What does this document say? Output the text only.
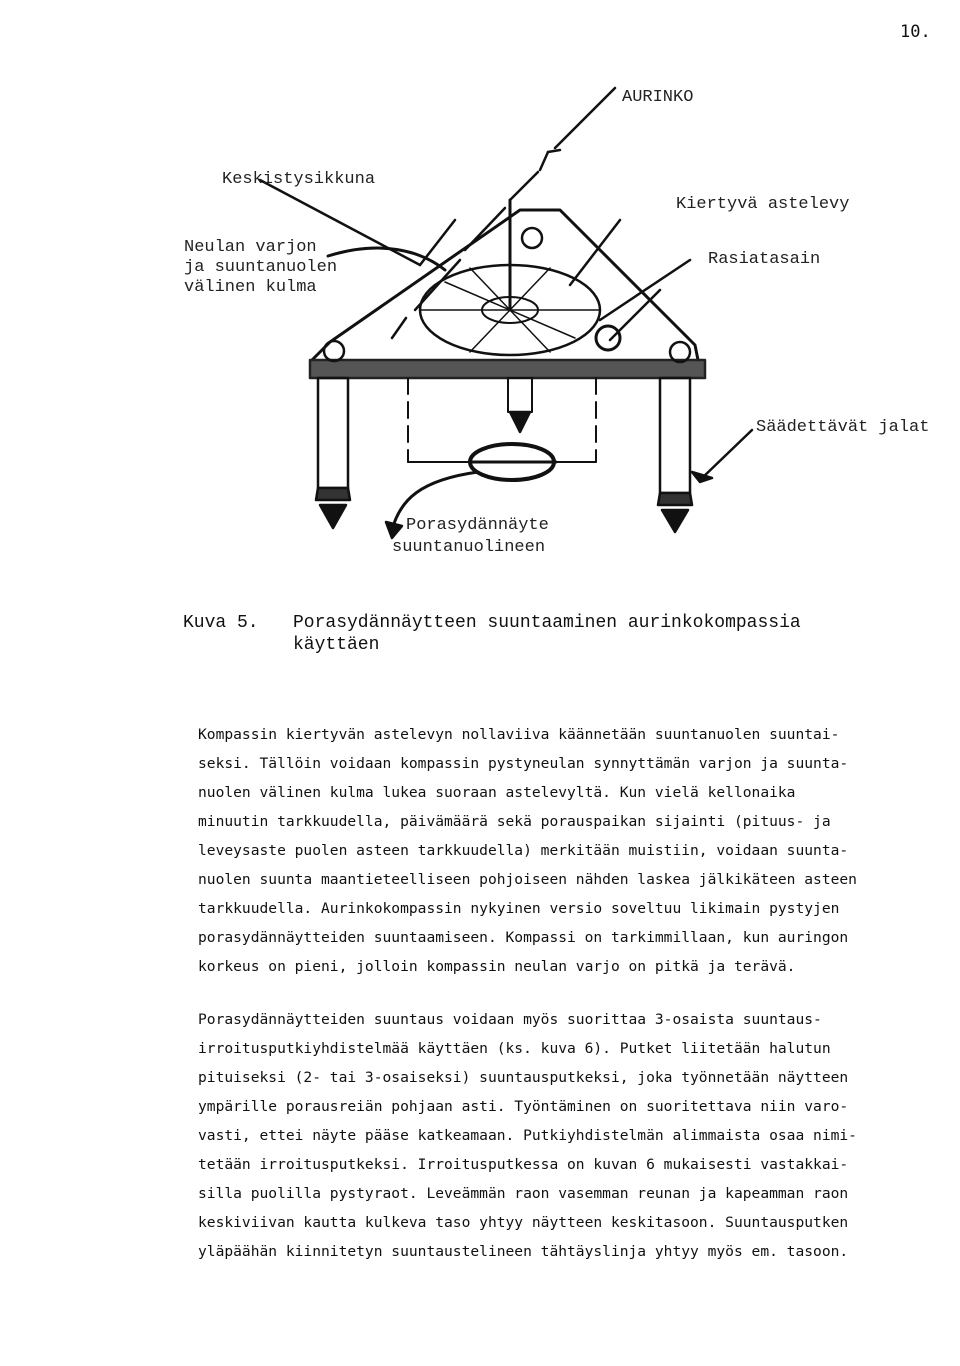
10.
AURINKO
Keskistysikkuna
Neulan varjon
ja suuntanuolen
välinen kulma
Kiertyvä astelevy
Rasiatasain
Säädettävät jalat
Porasydännäyte
suuntanuolineen
Kuva 5. Porasydännäytteen suuntaaminen aurinkokompassia
käyttäen
Kompassin kiertyvän astelevyn nollaviiva käännetään suuntanuolen suuntai-
seksi. Tällöin voidaan kompassin pystyneulan synnyttämän varjon ja suunta-
nuolen välinen kulma lukea suoraan astelevyltä. Kun vielä kellonaika
minuutin tarkkuudella, päivämäärä sekä porauspaikan sijainti (pituus- ja
leveysaste puolen asteen tarkkuudella) merkitään muistiin, voidaan suunta-
nuolen suunta maantieteelliseen pohjoiseen nähden laskea jälkikäteen asteen
tarkkuudella. Aurinkokompassin nykyinen versio soveltuu likimain pystyjen
porasydännäytteiden suuntaamiseen. Kompassi on tarkimmillaan, kun auringon
korkeus on pieni, jolloin kompassin neulan varjo on pitkä ja terävä.
Porasydännäytteiden suuntaus voidaan myös suorittaa 3-osaista suuntaus-
irroitusputkiyhdistelmää käyttäen (ks. kuva 6). Putket liitetään halutun
pituiseksi (2- tai 3-osaiseksi) suuntausputkeksi, joka työnnetään näytteen
ympärille porausreiän pohjaan asti. Työntäminen on suoritettava niin varo-
vasti, ettei näyte pääse katkeamaan. Putkiyhdistelmän alimmaista osaa nimi-
tetään irroitusputkeksi. Irroitusputkessa on kuvan 6 mukaisesti vastakkai-
silla puolilla pystyraot. Leveämmän raon vasemman reunan ja kapeamman raon
keskiviivan kautta kulkeva taso yhtyy näytteen keskitasoon. Suuntausputken
yläpäähän kiinnitetyn suuntaustelineen tähtäyslinja yhtyy myös em. tasoon.
